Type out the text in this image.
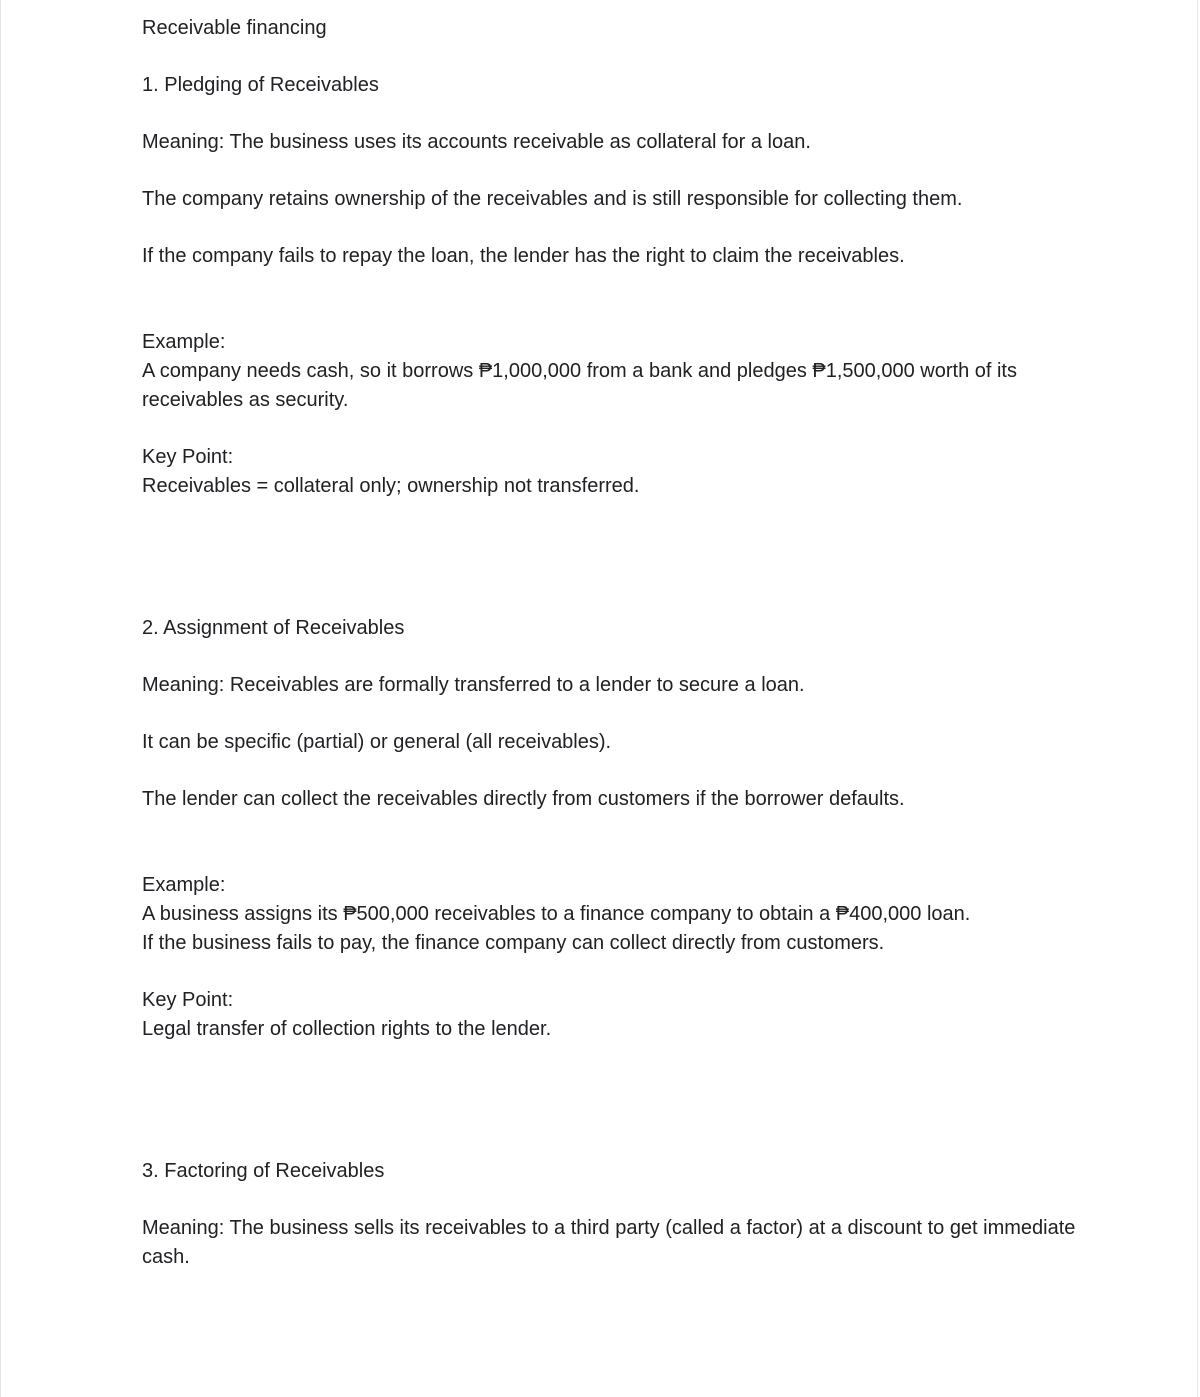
Receivable financing

1. Pledging of Receivables

Meaning: The business uses its accounts receivable as collateral for a loan.

The company retains ownership of the receivables and is still responsible for collecting them.

If the company fails to repay the loan, the lender has the right to claim the receivables.

Example:

A company needs cash, so it borrows ₱1,000,000 from a bank and pledges ₱1,500,000 worth of its receivables as security.

Key Point:

Receivables = collateral only; ownership not transferred.

2. Assignment of Receivables

Meaning: Receivables are formally transferred to a lender to secure a loan.

It can be specific (partial) or general (all receivables).

The lender can collect the receivables directly from customers if the borrower defaults.

Example:

A business assigns its ₱500,000 receivables to a finance company to obtain a ₱400,000 loan.

If the business fails to pay, the finance company can collect directly from customers.

Key Point:

Legal transfer of collection rights to the lender.

3. Factoring of Receivables

Meaning: The business sells its receivables to a third party (called a factor) at a discount to get immediate cash.
